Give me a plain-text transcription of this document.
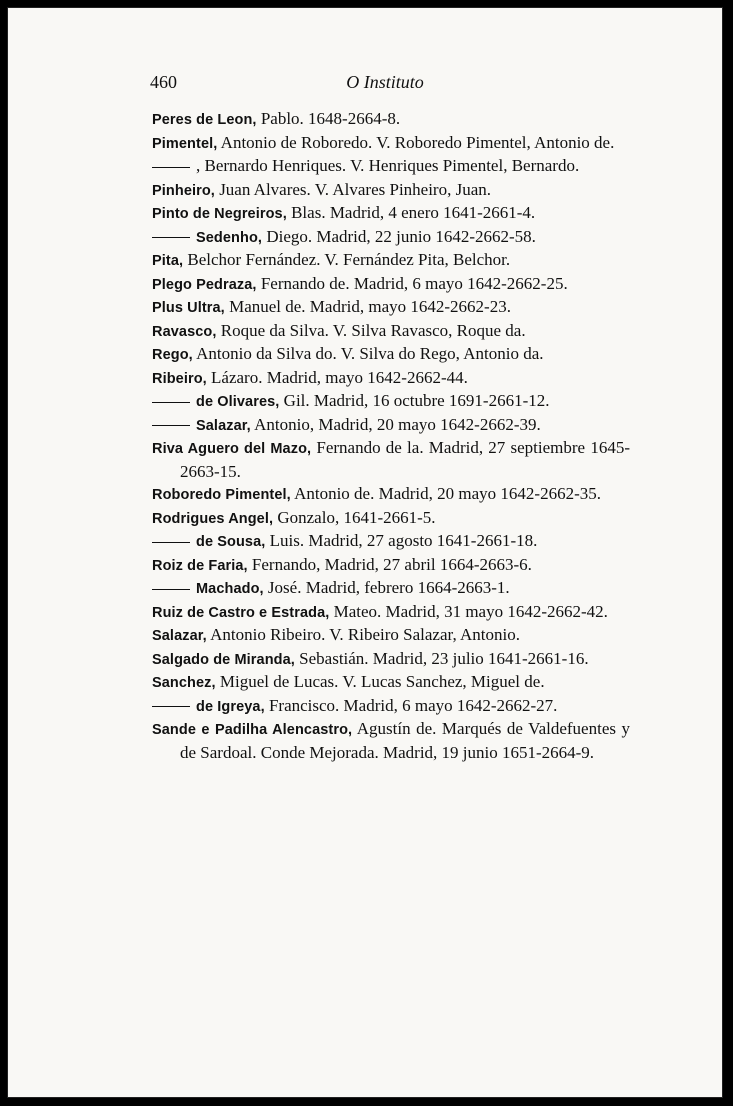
460	O Instituto

Peres de Leon, Pablo. 1648-2664-8.

Pimentel, Antonio de Roboredo. V. Roboredo Pimentel, Antonio de.

, Bernardo Henriques. V. Henriques Pimentel, Bernardo.

Pinheiro, Juan Alvares. V. Alvares Pinheiro, Juan.

Pinto de Negreiros, Blas. Madrid, 4 enero 1641-2661-4.

Sedenho, Diego. Madrid, 22 junio 1642-2662-58.

Pita, Belchor Fernández. V. Fernández Pita, Belchor.

Plego Pedraza, Fernando de. Madrid, 6 mayo 1642-2662-25.

Plus Ultra, Manuel de. Madrid, mayo 1642-2662-23.

Ravasco, Roque da Silva. V. Silva Ravasco, Roque da.

Rego, Antonio da Silva do. V. Silva do Rego, Antonio da.

Ribeiro, Lázaro. Madrid, mayo 1642-2662-44.

de Olivares, Gil. Madrid, 16 octubre 1691-2661-12.

Salazar, Antonio, Madrid, 20 mayo 1642-2662-39.

Riva Aguero del Mazo, Fernando de la. Madrid, 27 septiembre 1645-2663-15.

Roboredo Pimentel, Antonio de. Madrid, 20 mayo 1642-2662-35.

Rodrigues Angel, Gonzalo, 1641-2661-5.

de Sousa, Luis. Madrid, 27 agosto 1641-2661-18.

Roiz de Faria, Fernando, Madrid, 27 abril 1664-2663-6.

Machado, José. Madrid, febrero 1664-2663-1.

Ruiz de Castro e Estrada, Mateo. Madrid, 31 mayo 1642-2662-42.

Salazar, Antonio Ribeiro. V. Ribeiro Salazar, Antonio.

Salgado de Miranda, Sebastián. Madrid, 23 julio 1641-2661-16.

Sanchez, Miguel de Lucas. V. Lucas Sanchez, Miguel de.

de Igreya, Francisco. Madrid, 6 mayo 1642-2662-27.

Sande e Padilha Alencastro, Agustín de. Marqués de Valdefuentes y de Sardoal. Conde Mejorada. Madrid, 19 junio 1651-2664-9.
